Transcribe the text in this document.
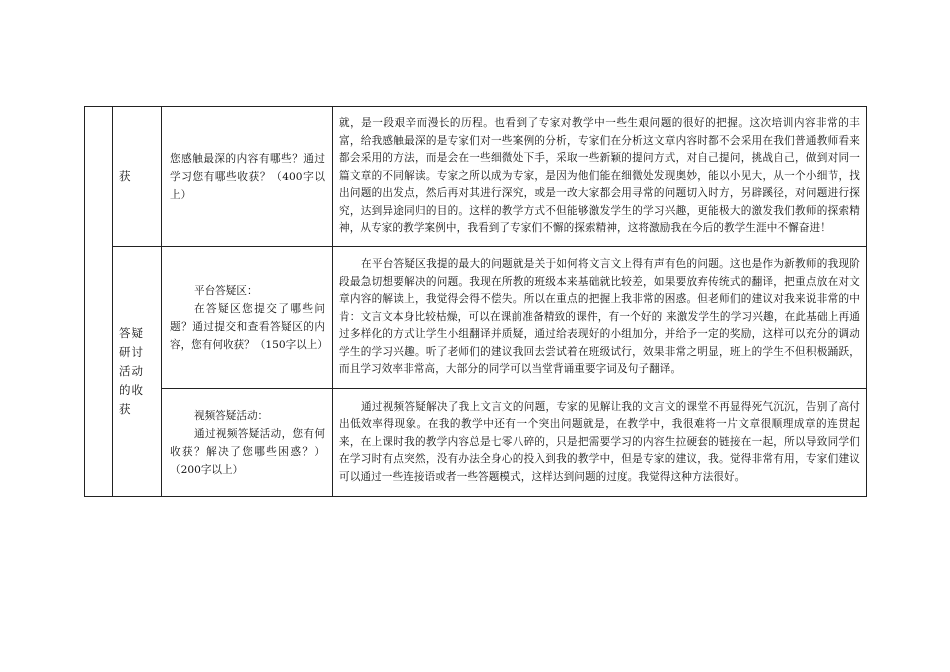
	获	您感触最深的内容有哪些？通过学习您有哪些收获？（400字以上）	就，是一段艰辛而漫长的历程。也看到了专家对教学中一些生艰问题的很好的把握。这次培训内容非常的丰富，给我感触最深的是专家们对一些案例的分析，专家们在分析这文章内容时都不会采用在我们普通教师看来都会采用的方法，而是会在一些细微处下手，采取一些新颖的提问方式，对自己提问，挑战自己，做到对同一篇文章的不同解读。专家之所以成为专家，是因为他们能在细微处发现奥妙，能以小见大，从一个小细节，找出问题的出发点，然后再对其进行深究，或是一改大家都会用寻常的问题切入时方，另辟蹊径，对问题进行探究，达到异途同归的目的。这样的教学方式不但能够激发学生的学习兴趣，更能极大的激发我们教师的探索精神，从专家的教学案例中，我看到了专家们不懈的探索精神，这将激励我在今后的教学生涯中不懈奋进！
	答疑研讨活动的收获	平台答疑区：
在答疑区您提交了哪些问题？通过提交和查看答疑区的内容，您有何收获？（150字以上）	在平台答疑区我提的最大的问题就是关于如何将文言文上得有声有色的问题。这也是作为新教师的我现阶段最急切想要解决的问题。我现在所教的班级本来基础就比较差，如果要放弃传统式的翻译，把重点放在对文章内容的解读上，我觉得会得不偿失。所以在重点的把握上我非常的困惑。但老师们的建议对我来说非常的中肯：文言文本身比较枯燥，可以在课前准备精致的课件，有一个好的 来激发学生的学习兴趣，在此基础上再通过多样化的方式让学生小组翻译并质疑，通过给表现好的小组加分，并给予一定的奖励，这样可以充分的调动学生的学习兴趣。听了老师们的建议我回去尝试着在班级试行，效果非常之明显，班上的学生不但积极踊跃，而且学习效率非常高，大部分的同学可以当堂背诵重要字词及句子翻译。

		视频答疑活动：
通过视频答疑活动，您有何收获？解决了您哪些困惑？）（200字以上）	通过视频答疑解决了我上文言文的问题，专家的见解让我的文言文的课堂不再显得死气沉沉，告别了高付出低效率得现象。在我的教学中还有一个突出问题就是，在教学中，我很难将一片文章很顺理成章的连贯起来，在上课时我的教学内容总是七零八碎的，只是把需要学习的内容生拉硬套的链接在一起，所以导致同学们在学习时有点突然，没有办法全身心的投入到我的教学中，但是专家的建议，我。觉得非常有用，专家们建议可以通过一些连接语或者一些答题模式，这样达到问题的过度。我觉得这种方法很好。
